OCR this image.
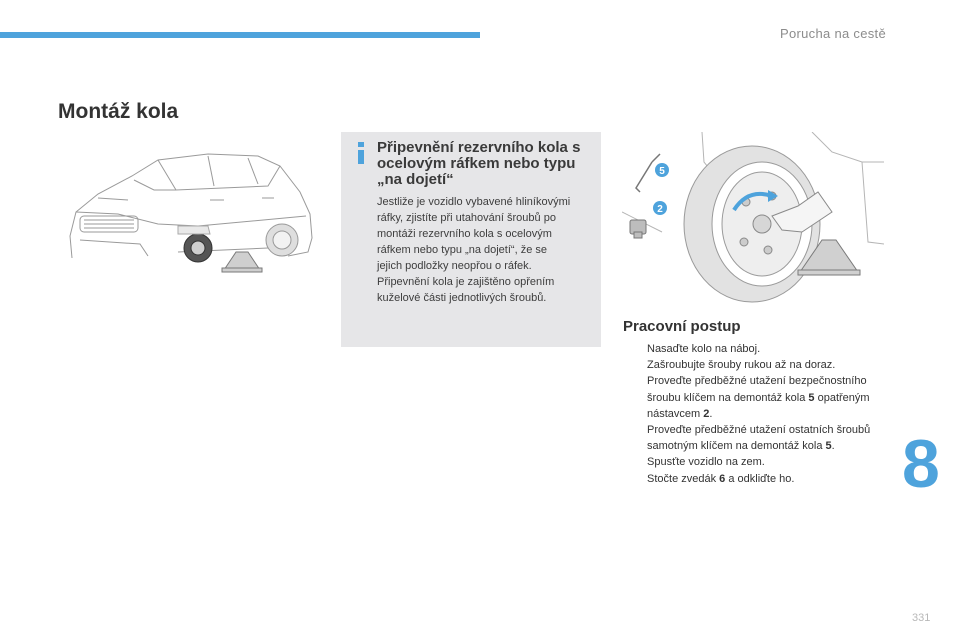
Porucha na cestě
8
331
Montáž kola
Připevnění rezervního kola s ocelovým ráfkem nebo typu „na dojetí“

Jestliže je vozidlo vybavené hliníkovými

ráfky, zjistíte při utahování šroubů po

montáži rezervního kola s ocelovým

ráfkem nebo typu „na dojetí“, že se

jejich podložky neopřou o ráfek.

Připevnění kola je zajištěno opřením

kuželové části jednotlivých šroubů.

5
2
Pracovní postup
Nasaďte kolo na náboj.
Zašroubujte šrouby rukou až na doraz.
Proveďte předběžné utažení bezpečnostního šroubu klíčem na demontáž kola 5 opatřeným nástavcem 2.
Proveďte předběžné utažení ostatních šroubů samotným klíčem na demontáž kola 5.
Spusťte vozidlo na zem.
Stočte zvedák 6 a odkliďte ho.
